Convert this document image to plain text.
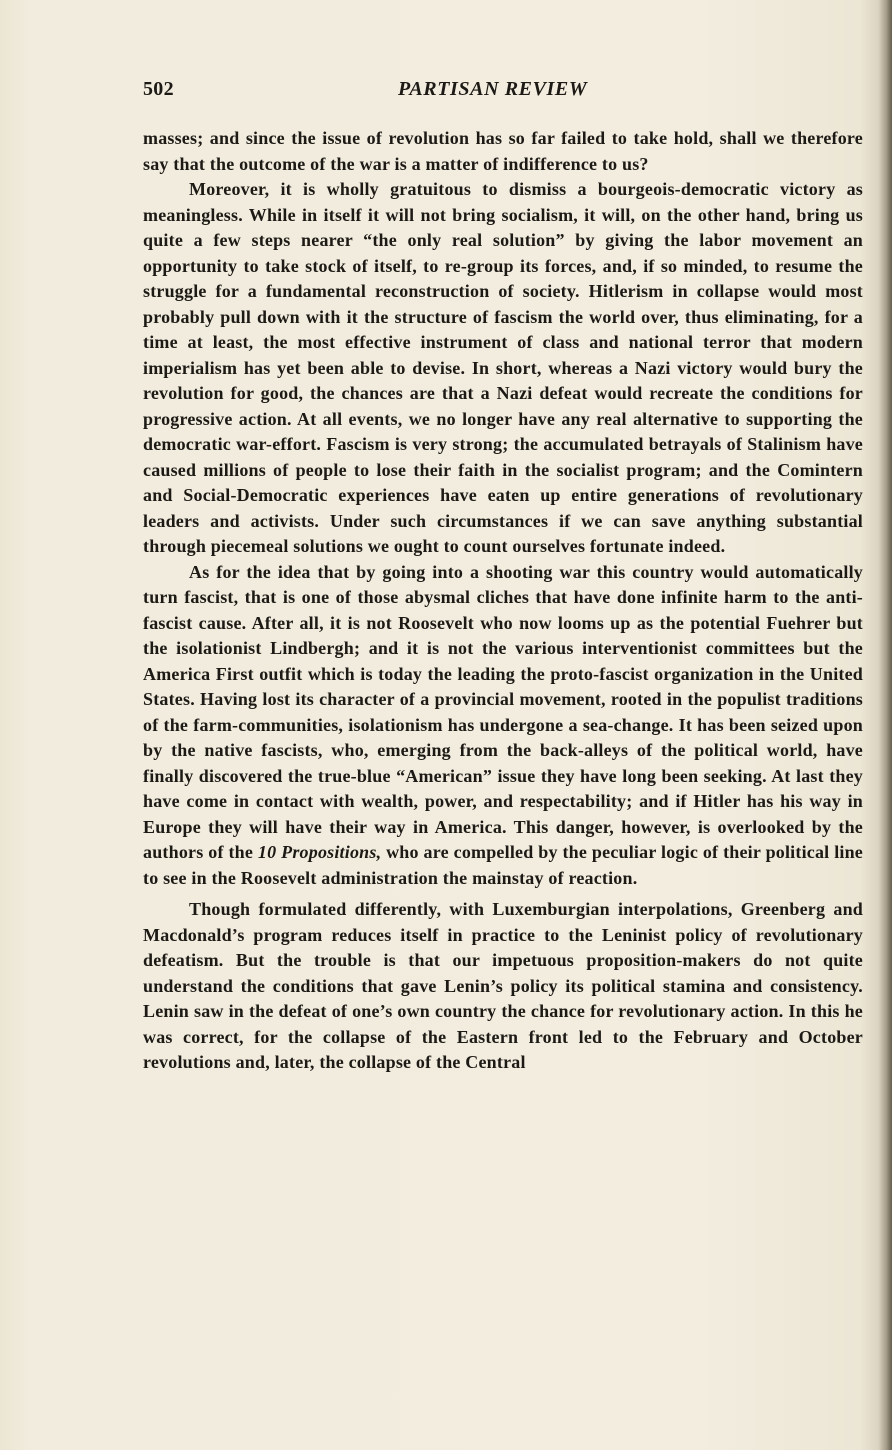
502	PARTISAN REVIEW

masses; and since the issue of revolution has so far failed to take hold, shall we therefore say that the outcome of the war is a matter of indifference to us?

Moreover, it is wholly gratuitous to dismiss a bourgeois-democratic victory as meaningless. While in itself it will not bring socialism, it will, on the other hand, bring us quite a few steps nearer “the only real solution” by giving the labor movement an opportunity to take stock of itself, to re-group its forces, and, if so minded, to resume the struggle for a fundamental reconstruction of society. Hitlerism in collapse would most probably pull down with it the structure of fascism the world over, thus eliminating, for a time at least, the most effective instrument of class and national terror that modern imperialism has yet been able to devise. In short, whereas a Nazi victory would bury the revolution for good, the chances are that a Nazi defeat would recreate the conditions for progressive action. At all events, we no longer have any real alternative to supporting the democratic war-effort. Fascism is very strong; the accumulated betrayals of Stalinism have caused millions of people to lose their faith in the socialist program; and the Comintern and Social-Democratic experiences have eaten up entire generations of revolutionary leaders and activists. Under such circumstances if we can save anything substantial through piecemeal solutions we ought to count ourselves fortunate indeed.

As for the idea that by going into a shooting war this country would automatically turn fascist, that is one of those abysmal cliches that have done infinite harm to the anti-fascist cause. After all, it is not Roosevelt who now looms up as the potential Fuehrer but the isolationist Lindbergh; and it is not the various interventionist committees but the America First outfit which is today the leading the proto-fascist organization in the United States. Having lost its character of a provincial movement, rooted in the populist traditions of the farm-communities, isolationism has undergone a sea-change. It has been seized upon by the native fascists, who, emerging from the back-alleys of the political world, have finally discovered the true-blue “American” issue they have long been seeking. At last they have come in contact with wealth, power, and respectability; and if Hitler has his way in Europe they will have their way in America. This danger, however, is overlooked by the authors of the 10 Propositions, who are compelled by the peculiar logic of their political line to see in the Roosevelt administration the mainstay of reaction.

Though formulated differently, with Luxemburgian interpolations, Greenberg and Macdonald’s program reduces itself in practice to the Leninist policy of revolutionary defeatism. But the trouble is that our impetuous proposition-makers do not quite understand the conditions that gave Lenin’s policy its political stamina and consistency. Lenin saw in the defeat of one’s own country the chance for revolutionary action. In this he was correct, for the collapse of the Eastern front led to the February and October revolutions and, later, the collapse of the Central
